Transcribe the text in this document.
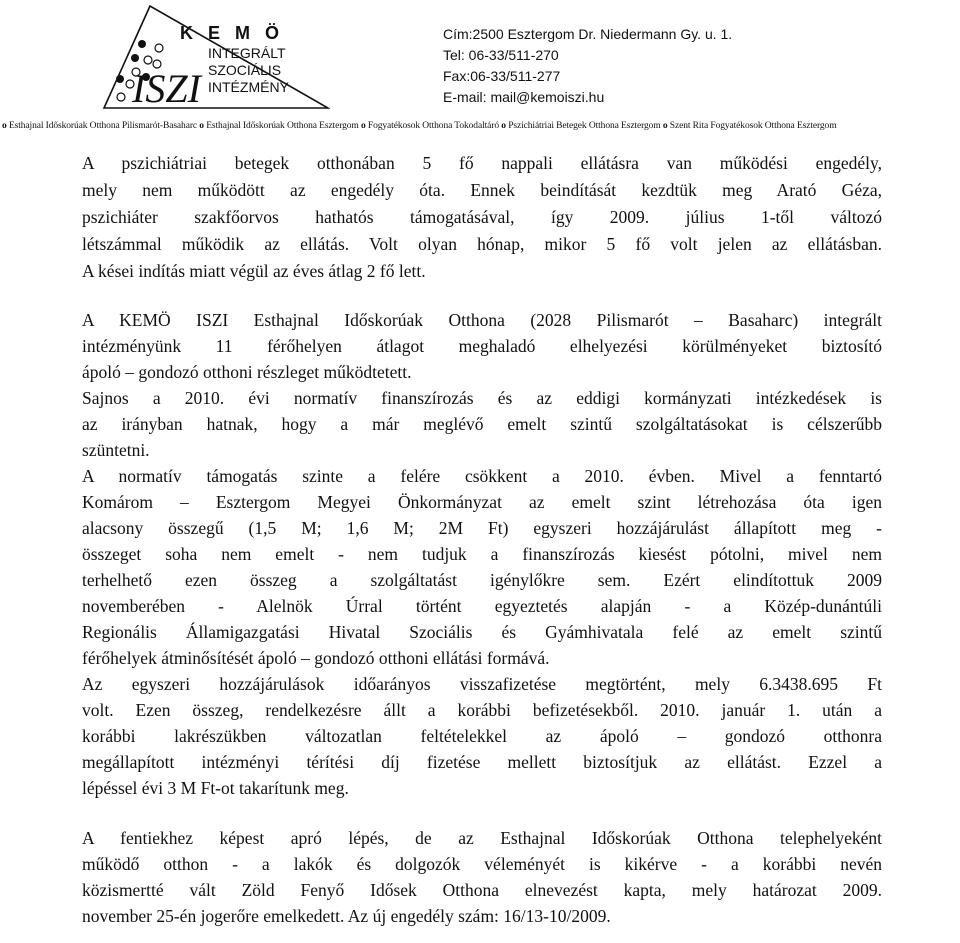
ISZI
K E M Ö
INTEGRÁLT
SZOCIÁLIS
INTÉZMÉNY
Cím:2500 Esztergom Dr. Niedermann Gy. u. 1.
Tel: 06-33/511-270
Fax:06-33/511-277
E-mail: mail@kemoiszi.hu
o Esthajnal Időskorúak Otthona Pilismarót-Basaharc o Esthajnal Időskorúak Otthona Esztergom o Fogyatékosok Otthona Tokodaltáró o Pszichiátriai Betegek Otthona Esztergom o Szent Rita Fogyatékosok Otthona Esztergom

A pszichiátriai betegek otthonában 5 fő nappali ellátásra van működési engedély,
mely nem működött az engedély óta. Ennek beindítását kezdtük meg Arató Géza,
pszichiáter szakfőorvos hathatós támogatásával, így 2009. július 1-től változó
létszámmal működik az ellátás. Volt olyan hónap, mikor 5 fő volt jelen az ellátásban.
A kései indítás miatt végül az éves átlag 2 fő lett.

A KEMÖ ISZI Esthajnal Időskorúak Otthona (2028 Pilismarót – Basaharc) integrált
intézményünk 11 férőhelyen átlagot meghaladó elhelyezési körülményeket biztosító
ápoló – gondozó otthoni részleget működtetett.
Sajnos a 2010. évi normatív finanszírozás és az eddigi kormányzati intézkedések is
az irányban hatnak, hogy a már meglévő emelt szintű szolgáltatásokat is célszerűbb
szüntetni.
A normatív támogatás szinte a felére csökkent a 2010. évben. Mivel a fenntartó
Komárom – Esztergom Megyei Önkormányzat az emelt szint létrehozása óta igen
alacsony összegű (1,5 M; 1,6 M; 2M Ft) egyszeri hozzájárulást állapított meg -
összeget soha nem emelt - nem tudjuk a finanszírozás kiesést pótolni, mivel nem
terhelhető ezen összeg a szolgáltatást igénylőkre sem. Ezért elindítottuk 2009
novemberében - Alelnök Úrral történt egyeztetés alapján - a Közép-dunántúli
Regionális Államigazgatási Hivatal Szociális és Gyámhivatala felé az emelt szintű
férőhelyek átminősítését ápoló – gondozó otthoni ellátási formává.
Az egyszeri hozzájárulások időarányos visszafizetése megtörtént, mely 6.3438.695 Ft
volt. Ezen összeg, rendelkezésre állt a korábbi befizetésekből. 2010. január 1. után a
korábbi lakrészükben változatlan feltételekkel az ápoló – gondozó otthonra
megállapított intézményi térítési díj fizetése mellett biztosítjuk az ellátást. Ezzel a
lépéssel évi 3 M Ft-ot takarítunk meg.

A fentiekhez képest apró lépés, de az Esthajnal Időskorúak Otthona telephelyeként
működő otthon - a lakók és dolgozók véleményét is kikérve - a korábbi nevén
közismertté vált Zöld Fenyő Idősek Otthona elnevezést kapta, mely határozat 2009.
november 25-én jogerőre emelkedett. Az új engedély szám: 16/13-10/2009.
